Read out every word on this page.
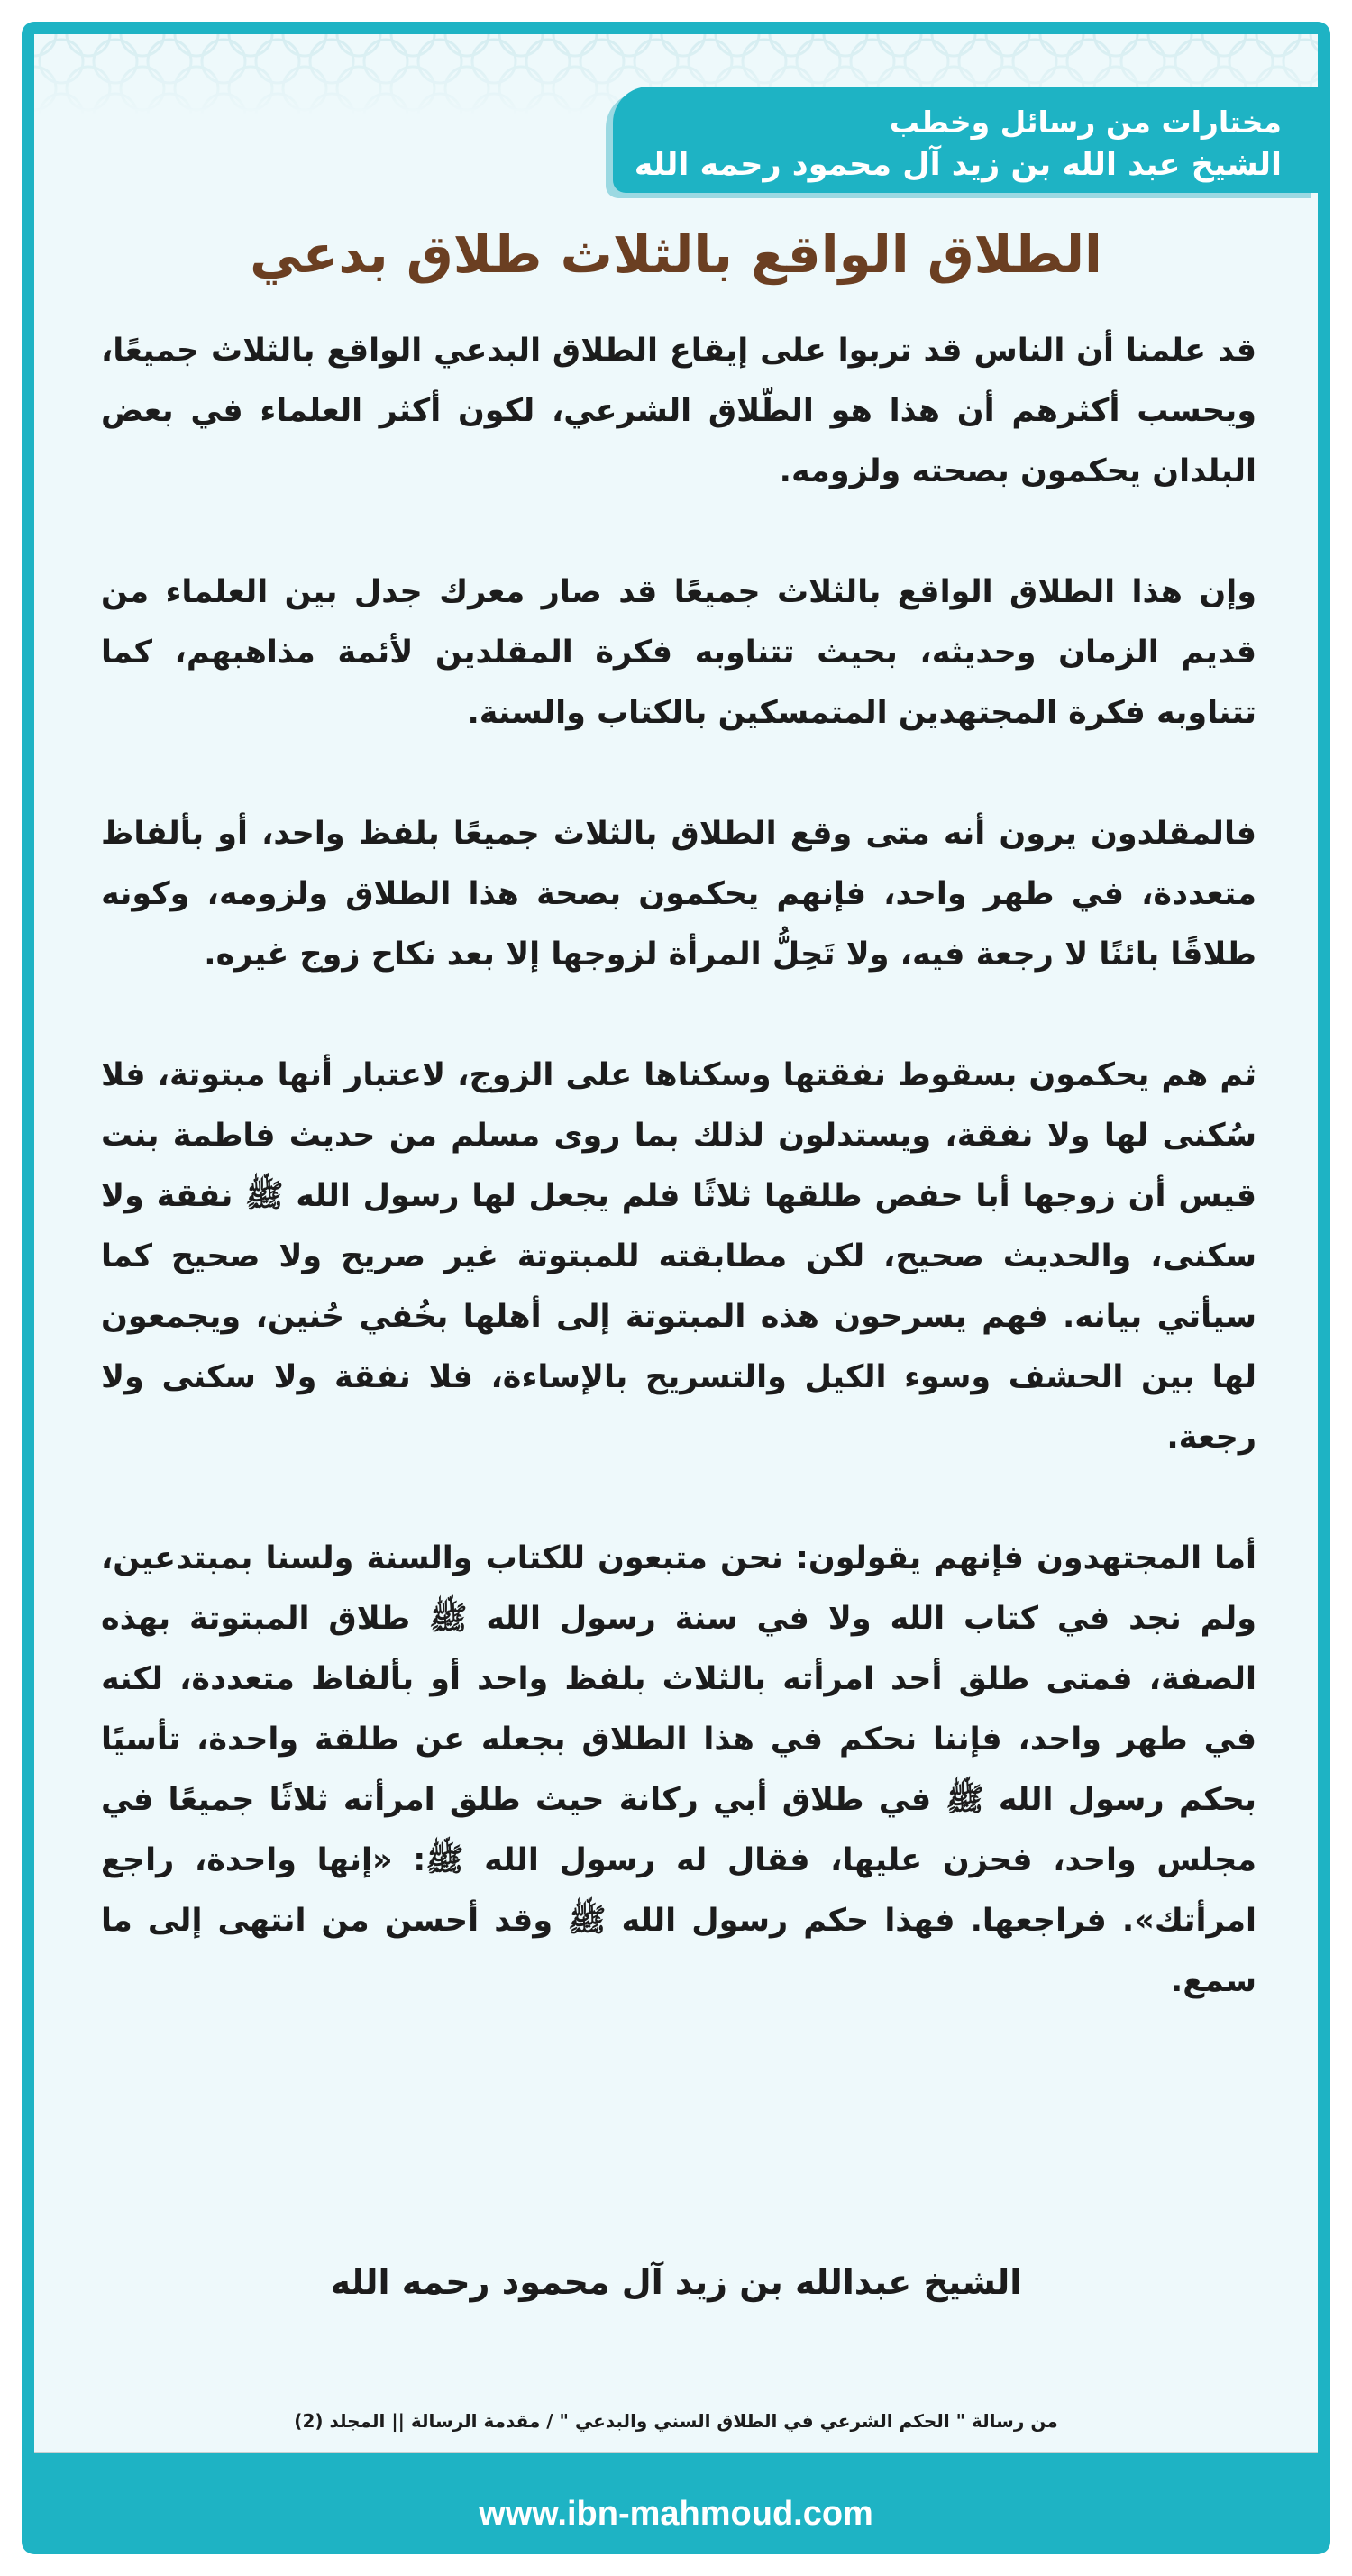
مختارات من رسائل وخطب
الشيخ عبد الله بن زيد آل محمود رحمه الله
الطلاق الواقع بالثلاث طلاق بدعي

قد علمنا أن الناس قد تربوا على إيقاع الطلاق البدعي الواقع بالثلاث جميعًا، ويحسب أكثرهم أن هذا هو الطّلاق الشرعي، لكون أكثر العلماء في بعض البلدان يحكمون بصحته ولزومه.

وإن هذا الطلاق الواقع بالثلاث جميعًا قد صار معرك جدل بين العلماء من قديم الزمان وحديثه، بحيث تتناوبه فكرة المقلدين لأئمة مذاهبهم، كما تتناوبه فكرة المجتهدين المتمسكين بالكتاب والسنة.

فالمقلدون يرون أنه متى وقع الطلاق بالثلاث جميعًا بلفظ واحد، أو بألفاظ متعددة، في طهر واحد، فإنهم يحكمون بصحة هذا الطلاق ولزومه، وكونه طلاقًا بائنًا لا رجعة فيه، ولا تَحِلُّ المرأة لزوجها إلا بعد نكاح زوج غيره.

ثم هم يحكمون بسقوط نفقتها وسكناها على الزوج، لاعتبار أنها مبتوتة، فلا سُكنى لها ولا نفقة، ويستدلون لذلك بما روى مسلم من حديث فاطمة بنت قيس أن زوجها أبا حفص طلقها ثلاثًا فلم يجعل لها رسول الله ﷺ نفقة ولا سكنى، والحديث صحيح، لكن مطابقته للمبتوتة غير صريح ولا صحيح كما سيأتي بيانه. فهم يسرحون هذه المبتوتة إلى أهلها بخُفي حُنين، ويجمعون لها بين الحشف وسوء الكيل والتسريح بالإساءة، فلا نفقة ولا سكنى ولا رجعة.

أما المجتهدون فإنهم يقولون: نحن متبعون للكتاب والسنة ولسنا بمبتدعين، ولم نجد في كتاب الله ولا في سنة رسول الله ﷺ طلاق المبتوتة بهذه الصفة، فمتى طلق أحد امرأته بالثلاث بلفظ واحد أو بألفاظ متعددة، لكنه في طهر واحد، فإننا نحكم في هذا الطلاق بجعله عن طلقة واحدة، تأسيًا بحكم رسول الله ﷺ في طلاق أبي ركانة حيث طلق امرأته ثلاثًا جميعًا في مجلس واحد، فحزن عليها، فقال له رسول الله ﷺ: «إنها واحدة، راجع امرأتك». فراجعها. فهذا حكم رسول الله ﷺ وقد أحسن من انتهى إلى ما سمع.

الشيخ عبدالله بن زيد آل محمود رحمه الله
من رسالة " الحكم الشرعي في الطلاق السني والبدعي " / مقدمة الرسالة || المجلد (2)
www.ibn-mahmoud.com
